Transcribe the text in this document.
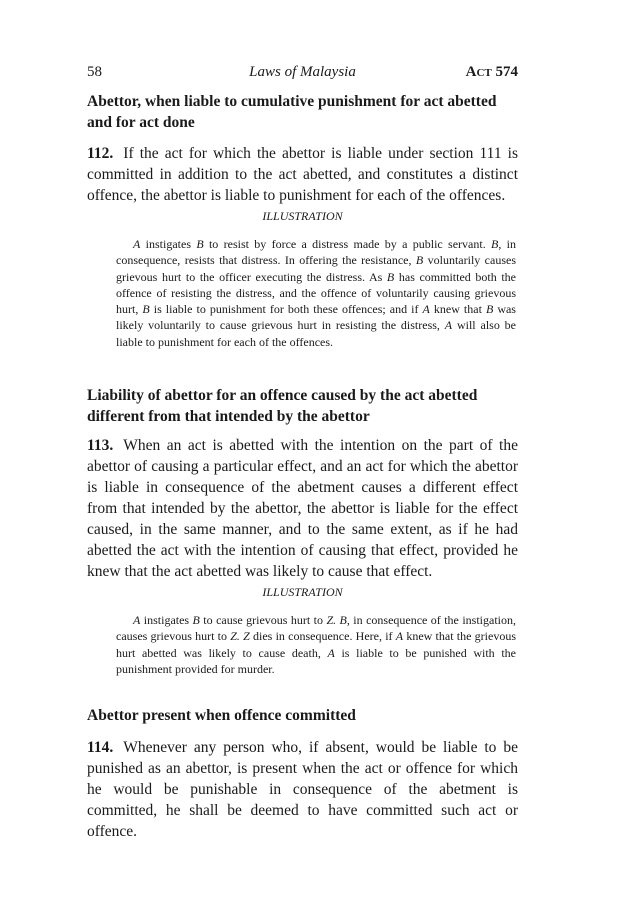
58	Laws of Malaysia	ACT 574
Abettor, when liable to cumulative punishment for act abetted and for act done
112. If the act for which the abettor is liable under section 111 is committed in addition to the act abetted, and constitutes a distinct offence, the abettor is liable to punishment for each of the offences.
ILLUSTRATION

A instigates B to resist by force a distress made by a public servant. B, in consequence, resists that distress. In offering the resistance, B voluntarily causes grievous hurt to the officer executing the distress. As B has committed both the offence of resisting the distress, and the offence of voluntarily causing grievous hurt, B is liable to punishment for both these offences; and if A knew that B was likely voluntarily to cause grievous hurt in resisting the distress, A will also be liable to punishment for each of the offences.

Liability of abettor for an offence caused by the act abetted different from that intended by the abettor
113. When an act is abetted with the intention on the part of the abettor of causing a particular effect, and an act for which the abettor is liable in consequence of the abetment causes a different effect from that intended by the abettor, the abettor is liable for the effect caused, in the same manner, and to the same extent, as if he had abetted the act with the intention of causing that effect, provided he knew that the act abetted was likely to cause that effect.
ILLUSTRATION

A instigates B to cause grievous hurt to Z. B, in consequence of the instigation, causes grievous hurt to Z. Z dies in consequence. Here, if A knew that the grievous hurt abetted was likely to cause death, A is liable to be punished with the punishment provided for murder.

Abettor present when offence committed
114. Whenever any person who, if absent, would be liable to be punished as an abettor, is present when the act or offence for which he would be punishable in consequence of the abetment is committed, he shall be deemed to have committed such act or offence.
